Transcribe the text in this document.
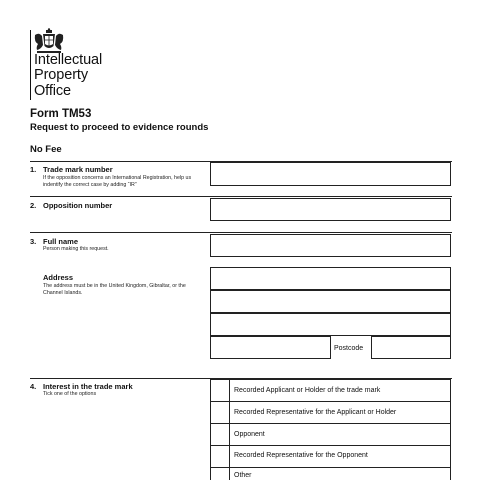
Intellectual
Property
Office
Form TM53
Request to proceed to evidence rounds
No Fee
1. Trade mark number
If the opposition concerns an International Registration, help us indentify the correct case by adding “IR”
2. Opposition number
3. Full name
Person making this request.
Address
The address must be in the United Kingdom, Gibraltar, or the Channel Islands.
Postcode
4. Interest in the trade mark
Tick one of the options	Recorded Applicant or Holder of the trade mark
Recorded Representative for the Applicant or Holder
Opponent
Recorded Representative for the Opponent
Other
